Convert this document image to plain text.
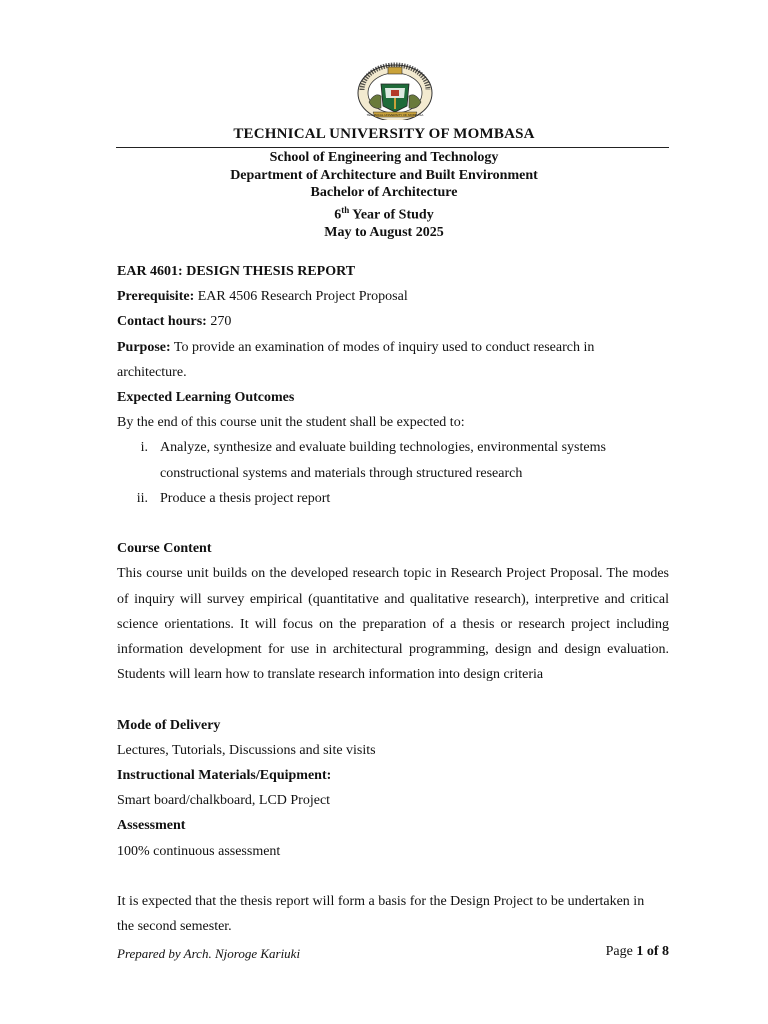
TECHNICAL UNIVERSITY OF MOMBASA
TECHNICAL UNIVERSITY OF MOMBASA
School of Engineering and Technology
Department of Architecture and Built Environment
Bachelor of Architecture
6th Year of Study
May to August 2025
EAR 4601: DESIGN THESIS REPORT
Prerequisite: EAR 4506 Research Project Proposal
Contact hours: 270
Purpose: To provide an examination of modes of inquiry used to conduct research in
architecture.
Expected Learning Outcomes
By the end of this course unit the student shall be expected to:
i. Analyze, synthesize and evaluate building technologies, environmental systems
constructional systems and materials through structured research
ii. Produce a thesis project report
Course Content
This course unit builds on the developed research topic in Research Project Proposal. The modes
of inquiry will survey empirical (quantitative and qualitative research), interpretive and critical
science orientations. It will focus on the preparation of a thesis or research project including
information development for use in architectural programming, design and design evaluation.
Students will learn how to translate research information into design criteria
Mode of Delivery
Lectures, Tutorials, Discussions and site visits
Instructional Materials/Equipment:
Smart board/chalkboard, LCD Project
Assessment
100% continuous assessment
It is expected that the thesis report will form a basis for the Design Project to be undertaken in
the second semester.
Prepared by Arch. Njoroge Kariuki	Page 1 of 8
